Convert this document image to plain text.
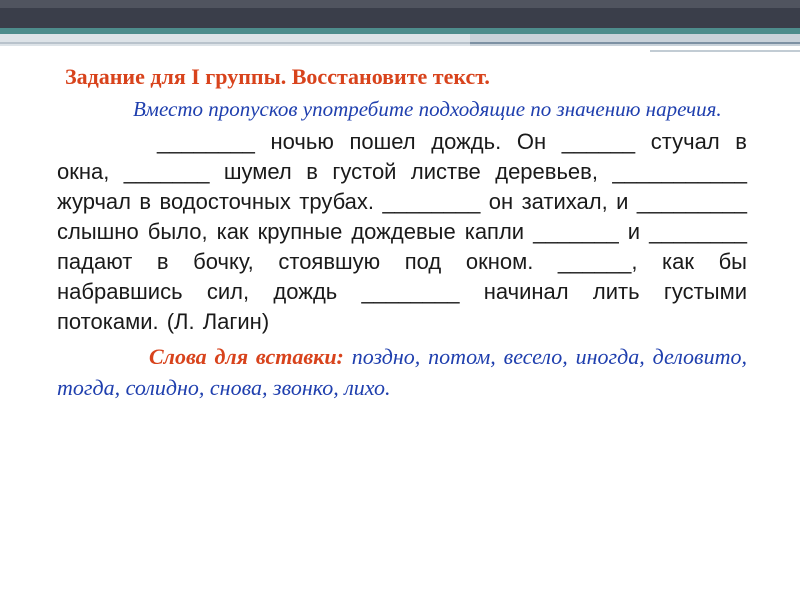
Задание для I группы. Восстановите текст.

Вместо пропусков употребите подходящие по значению наречия.

________ ночью пошел дождь. Он ______ стучал в окна, _______ шумел в густой листве деревьев, ___________ журчал в водосточных трубах. ________ он затихал, и _________ слышно было, как крупные дождевые капли _______ и ________ падают в бочку, стоявшую под окном. ______, как бы набравшись сил, дождь ________ начинал лить густыми потоками. (Л. Лагин)

Слова для вставки: поздно, потом, весело, иногда, деловито, тогда, солидно, снова, звонко, лихо.
